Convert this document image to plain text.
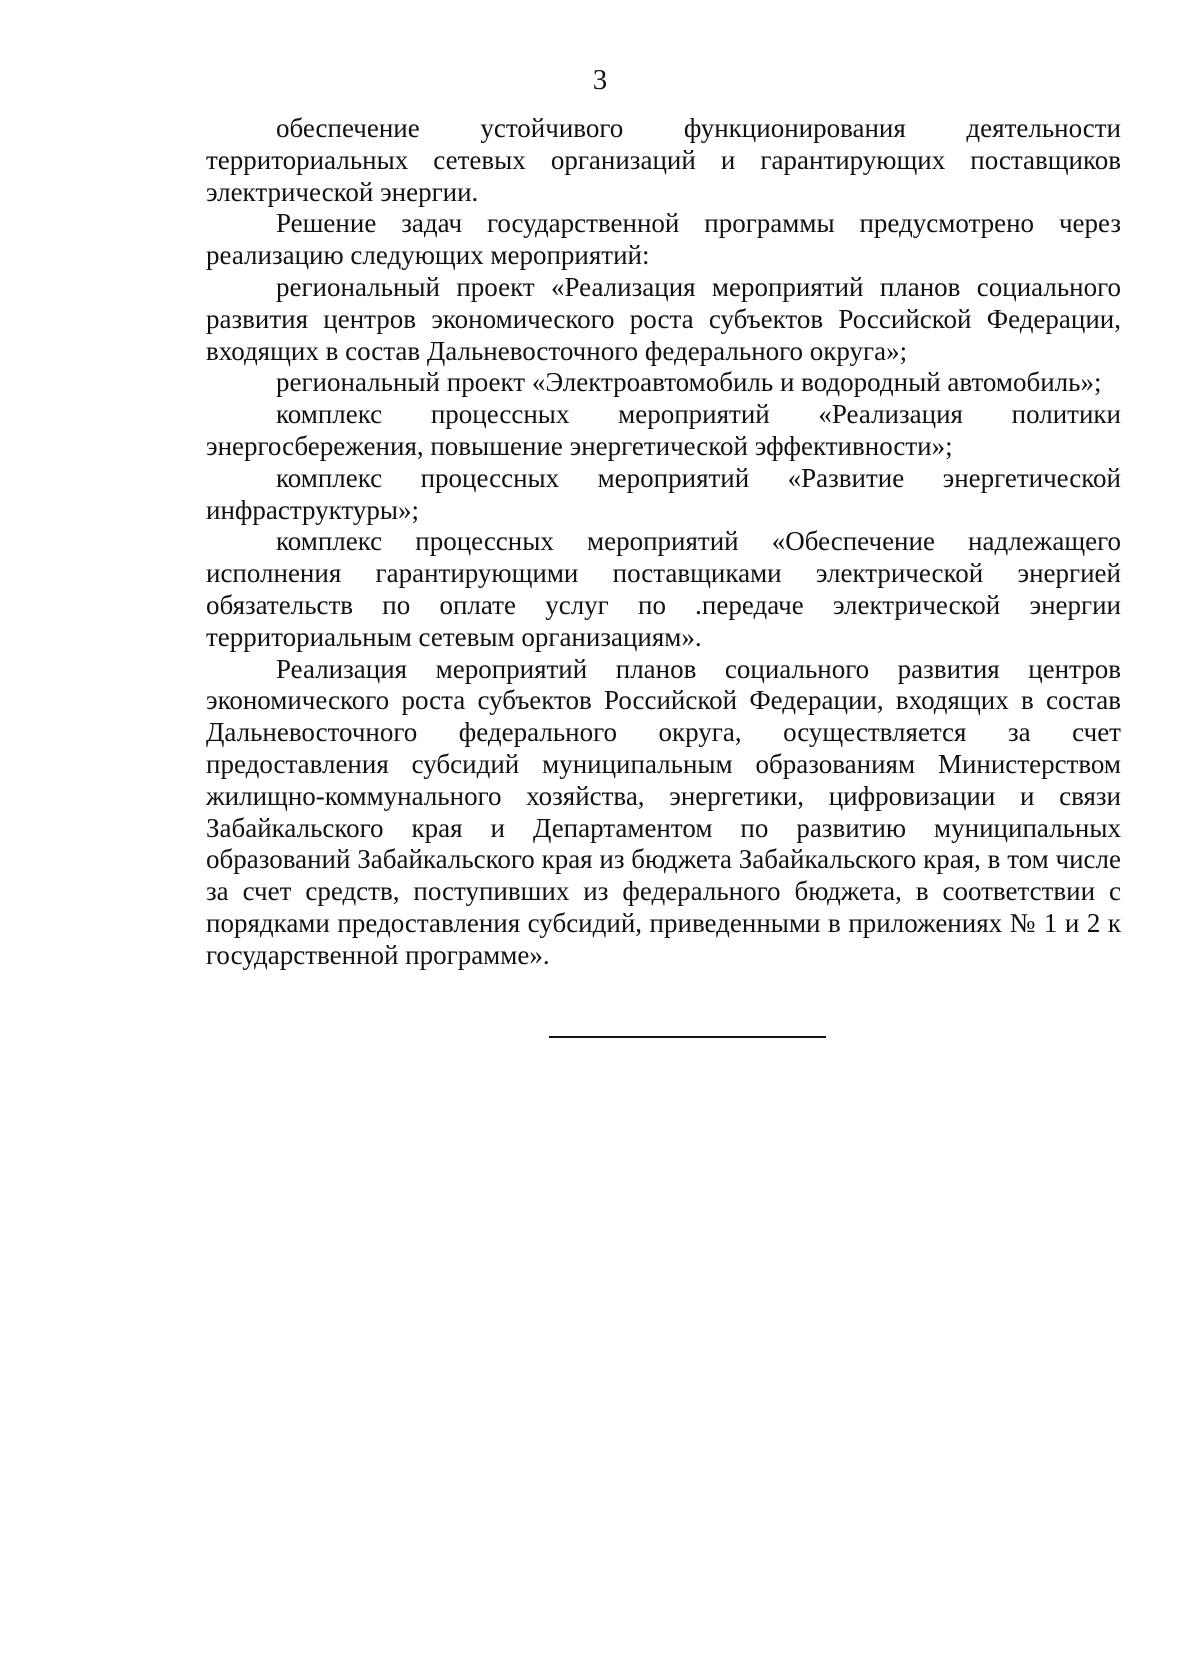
3

обеспечение устойчивого функционирования деятельности территориальных сетевых организаций и гарантирующих поставщиков электрической энергии.

Решение задач государственной программы предусмотрено через реализацию следующих мероприятий:

региональный проект «Реализация мероприятий планов социального развития центров экономического роста субъектов Российской Федерации, входящих в состав Дальневосточного федерального округа»;

региональный проект «Электроавтомобиль и водородный автомобиль»;

комплекс процессных мероприятий «Реализация политики энергосбережения, повышение энергетической эффективности»;

комплекс процессных мероприятий «Развитие энергетической инфраструктуры»;

комплекс процессных мероприятий «Обеспечение надлежащего исполнения гарантирующими поставщиками электрической энергией обязательств по оплате услуг по .передаче электрической энергии территориальным сетевым организациям».

Реализация мероприятий планов социального развития центров экономического роста субъектов Российской Федерации, входящих в состав Дальневосточного федерального округа, осуществляется за счет предоставления субсидий муниципальным образованиям Министерством жилищно-коммунального хозяйства, энергетики, цифровизации и связи Забайкальского края и Департаментом по развитию муниципальных образований Забайкальского края из бюджета Забайкальского края, в том числе за счет средств, поступивших из федерального бюджета, в соответствии с порядками предоставления субсидий, приведенными в приложениях № 1 и 2 к государственной программе».
